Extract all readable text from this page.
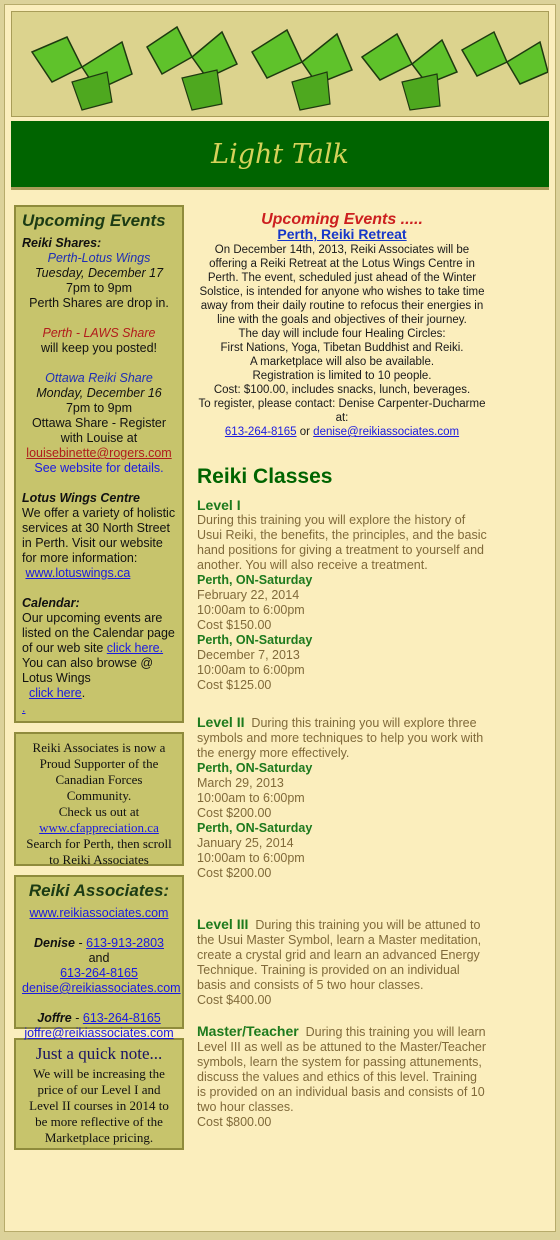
Light Talk
Upcoming Events
Reiki Shares:
Perth-Lotus Wings
Tuesday, December 17
7pm to 9pm
Perth Shares are drop in.

Perth - LAWS Share
will keep you posted!

Ottawa Reiki Share
Monday, December 16
7pm to 9pm
Ottawa Share - Register with Louise at
louisebinette@rogers.com
See website for details.

Lotus Wings Centre
We offer a variety of holistic services at 30 North Street in Perth. Visit our website for more information:
www.lotuswings.ca

Calendar:
Our upcoming events are listed on the Calendar page of our web site click here.
You can also browse @ Lotus Wings
click here.
.
Reiki Associates is now a Proud Supporter of the Canadian Forces Community.
Check us out at
www.cfappreciation.ca
Search for Perth, then scroll to Reiki Associates
Reiki Associates:
www.reikiassociates.com

Denise - 613-913-2803 and
613-264-8165
denise@reikiassociates.com

Joffre - 613-264-8165
joffre@reikiassociates.com
Just a quick note...
We will be increasing the price of our Level I and Level II courses in 2014 to be more reflective of the Marketplace pricing.
Upcoming Events .....
Perth, Reiki Retreat
On December 14th, 2013, Reiki Associates will be offering a Reiki Retreat at the Lotus Wings Centre in Perth. The event, scheduled just ahead of the Winter Solstice, is intended for anyone who wishes to take time away from their daily routine to refocus their energies in line with the goals and objectives of their journey.
The day will include four Healing Circles:
First Nations, Yoga, Tibetan Buddhist and Reiki.
A marketplace will also be available.
Registration is limited to 10 people.
Cost: $100.00, includes snacks, lunch, beverages.
To register, please contact: Denise Carpenter-Ducharme at:
613-264-8165 or denise@reikiassociates.com
Reiki Classes
Level I
During this training you will explore the history of Usui Reiki, the benefits, the principles, and the basic hand positions for giving a treatment to yourself and another. You will also receive a treatment.
Perth, ON-Saturday
February 22, 2014
10:00am to 6:00pm
Cost $150.00
Perth, ON-Saturday
December 7, 2013
10:00am to 6:00pm
Cost $125.00
Level II During this training you will explore three symbols and more techniques to help you work with the energy more effectively.
Perth, ON-Saturday
March 29, 2013
10:00am to 6:00pm
Cost $200.00
Perth, ON-Saturday
January 25, 2014
10:00am to 6:00pm
Cost $200.00
Level III During this training you will be attuned to the Usui Master Symbol, learn a Master meditation, create a crystal grid and learn an advanced Energy Technique. Training is provided on an individual basis and consists of 5 two hour classes.
Cost $400.00
Master/Teacher During this training you will learn Level III as well as be attuned to the Master/Teacher symbols, learn the system for passing attunements, discuss the values and ethics of this level. Training is provided on an individual basis and consists of 10 two hour classes.
Cost $800.00
